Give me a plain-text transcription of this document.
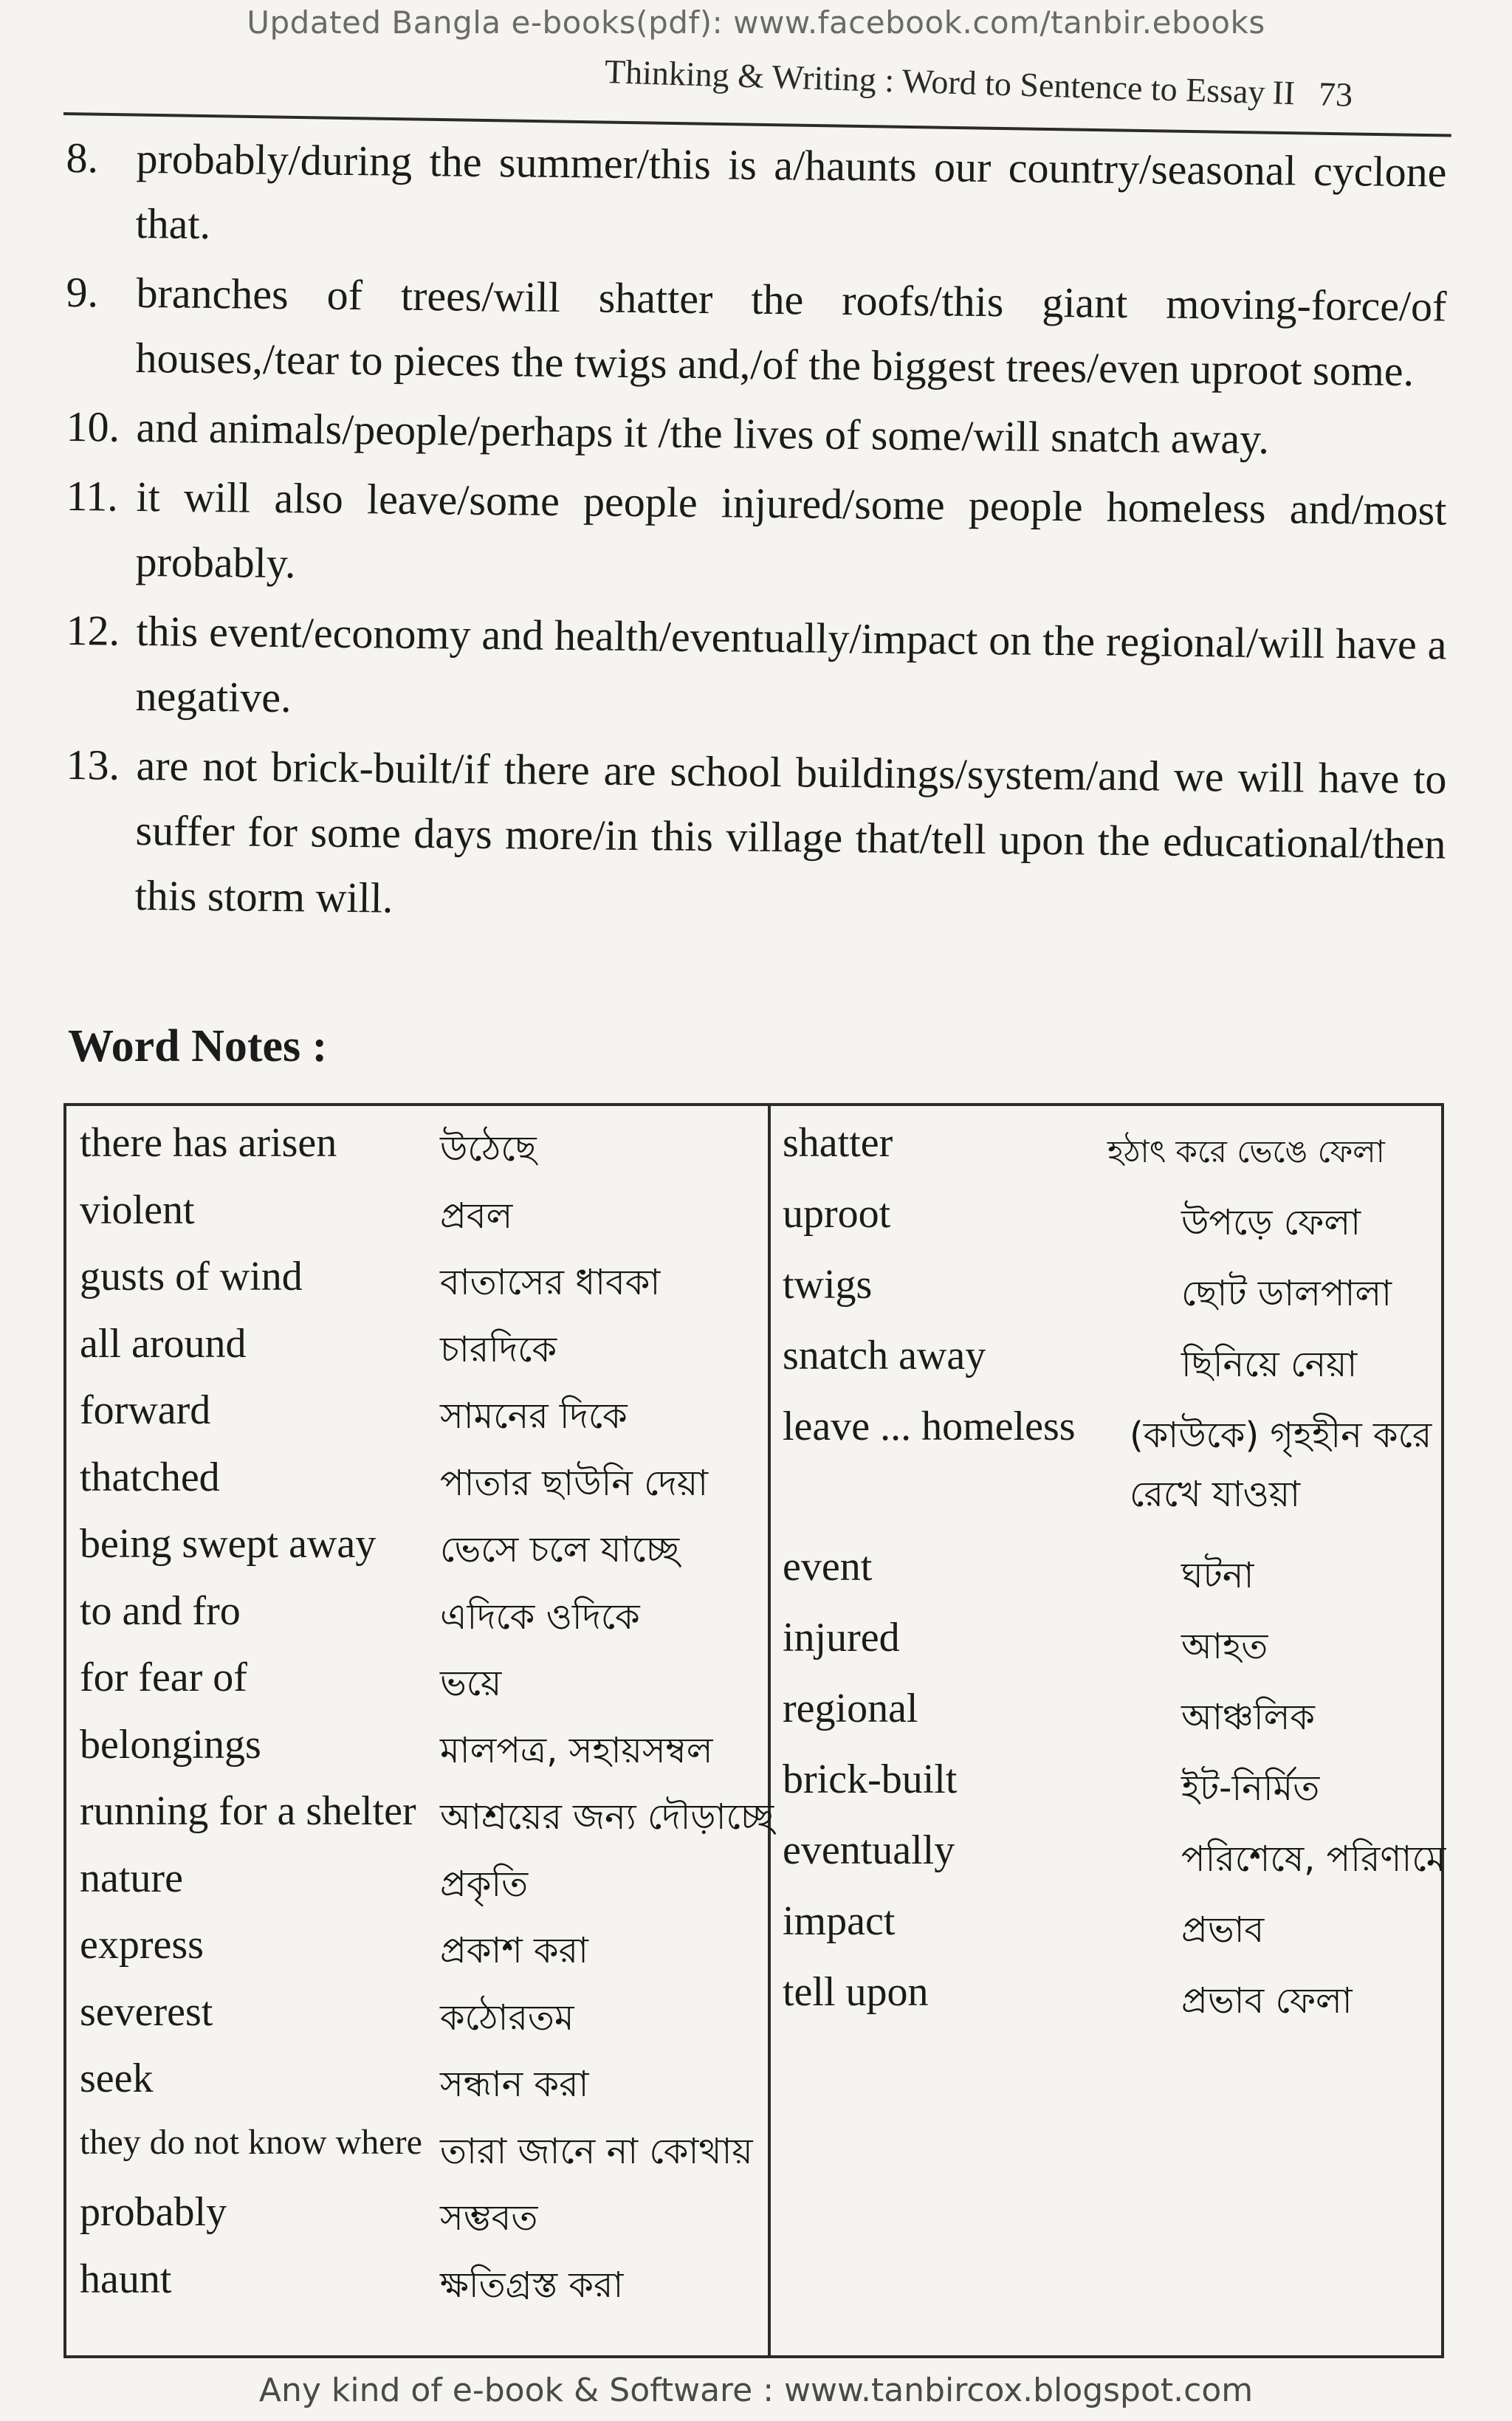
Updated Bangla e-books(pdf): www.facebook.com/tanbir.ebooks
Thinking & Writing : Word to Sentence to Essay II 73
8. probably/during the summer/this is a/haunts our country/seasonal cyclone that.
9. branches of trees/will shatter the roofs/this giant moving-force/of houses,/tear to pieces the twigs and,/of the biggest trees/even uproot some.
10. and animals/people/perhaps it /the lives of some/will snatch away.
11. it will also leave/some people injured/some people homeless and/most probably.
12. this event/economy and health/eventually/impact on the regional/will have a negative.
13. are not brick-built/if there are school buildings/system/and we will have to suffer for some days more/in this village that/tell upon the educational/then this storm will.
Word Notes :
there has arisen	উঠেছে
violent	প্রবল
gusts of wind	বাতাসের ধাবকা
all around	চারদিকে
forward	সামনের দিকে
thatched	পাতার ছাউনি দেয়া
being swept away ভেসে চলে যাচ্ছে
to and fro	এদিকে ওদিকে
for fear of	ভয়ে
belongings	মালপত্র, সহায়সম্বল
running for a shelter আশ্রয়ের জন্য দৌড়াচ্ছে
nature	প্রকৃতি
express	প্রকাশ করা
severest	কঠোরতম
seek	সন্ধান করা
they do not know where তারা জানে না কোথায়
probably	সম্ভবত
haunt	ক্ষতিগ্রস্ত করা
shatter	হঠাৎ করে ভেঙে ফেলা
uproot	উপড়ে ফেলা
twigs	ছোট ডালপালা
snatch away	ছিনিয়ে নেয়া
leave ... homeless (কাউকে) গৃহহীন করে রেখে যাওয়া
event	ঘটনা
injured	আহত
regional	আঞ্চলিক
brick-built	ইট-নির্মিত
eventually	পরিশেষে, পরিণামে
impact	প্রভাব
tell upon	প্রভাব ফেলা
Any kind of e-book & Software : www.tanbircox.blogspot.com
